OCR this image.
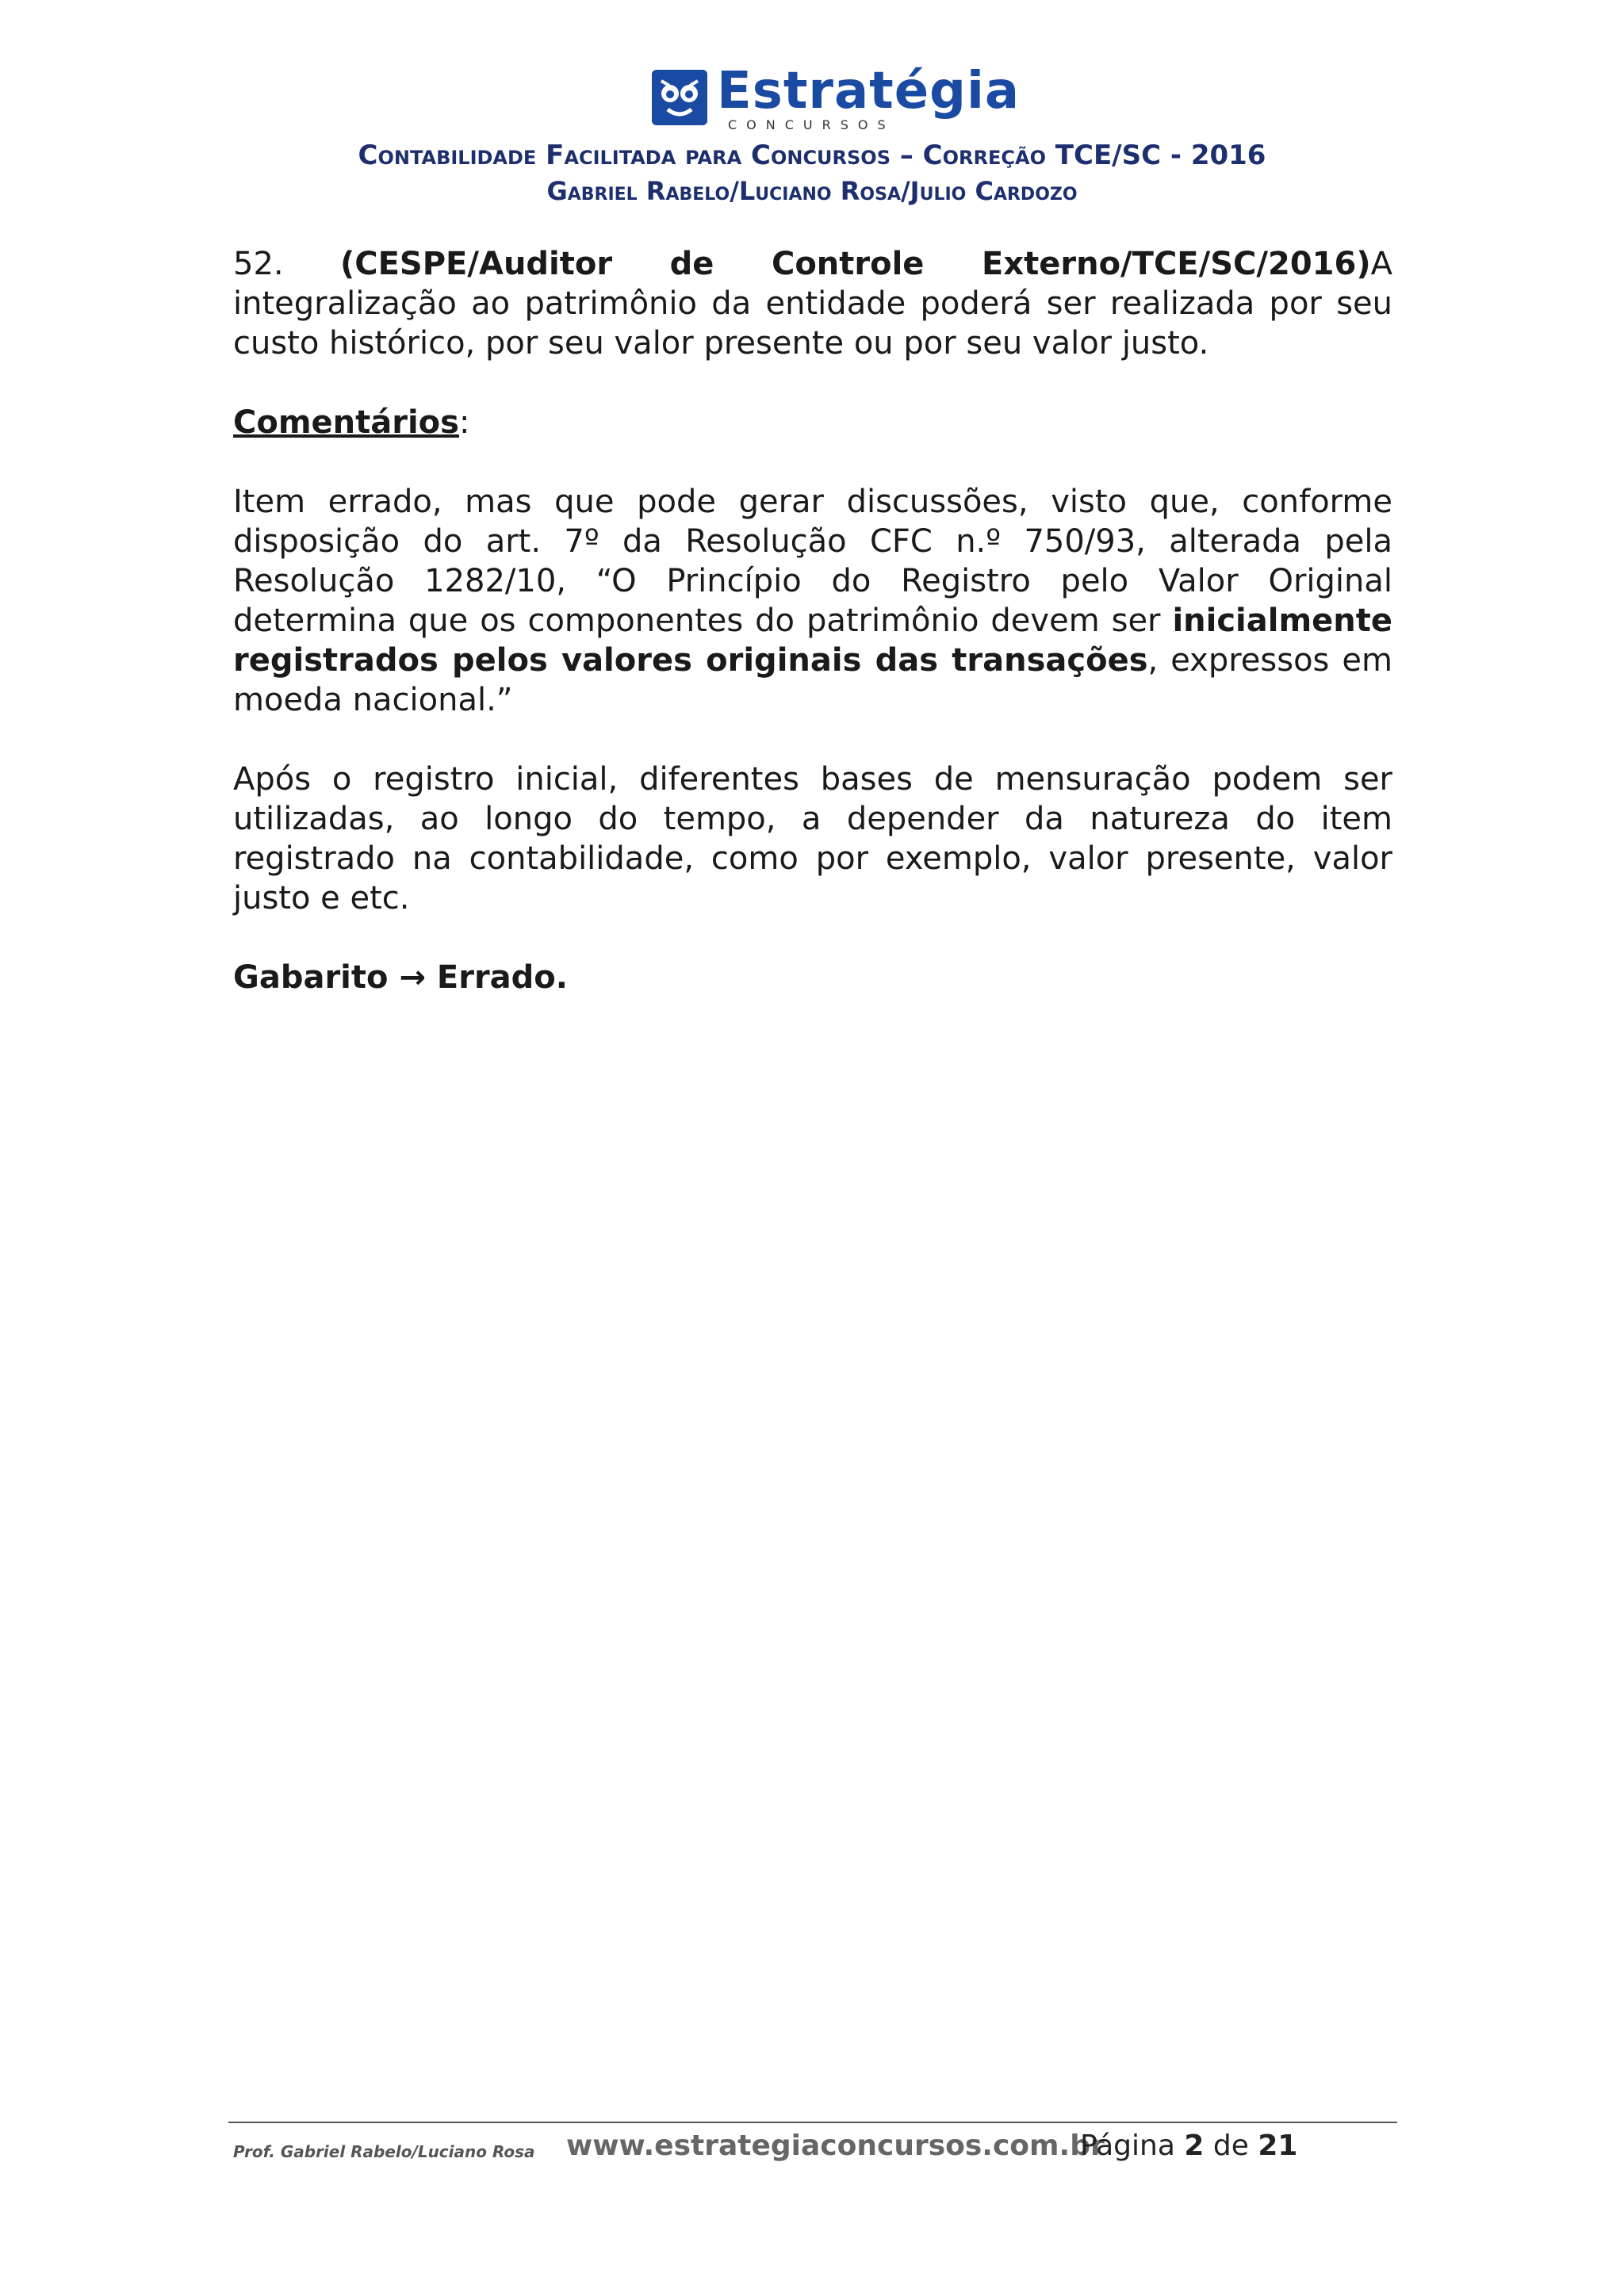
Estratégia
CONCURSOS
Contabilidade Facilitada para Concursos – Correção TCE/SC - 2016
Gabriel Rabelo/Luciano Rosa/Julio Cardozo

52. (CESPE/Auditor de Controle Externo/TCE/SC/2016)A integralização ao patrimônio da entidade poderá ser realizada por seu custo histórico, por seu valor presente ou por seu valor justo.

Comentários:

Item errado, mas que pode gerar discussões, visto que, conforme disposição do art. 7º da Resolução CFC n.º 750/93, alterada pela Resolução 1282/10, “O Princípio do Registro pelo Valor Original determina que os componentes do patrimônio devem ser inicialmente registrados pelos valores originais das transações, expressos em moeda nacional.”

Após o registro inicial, diferentes bases de mensuração podem ser utilizadas, ao longo do tempo, a depender da natureza do item registrado na contabilidade, como por exemplo, valor presente, valor justo e etc.

Gabarito → Errado.

Prof. Gabriel Rabelo/Luciano Rosa www.estrategiaconcursos.com.br
Página 2 de 21
